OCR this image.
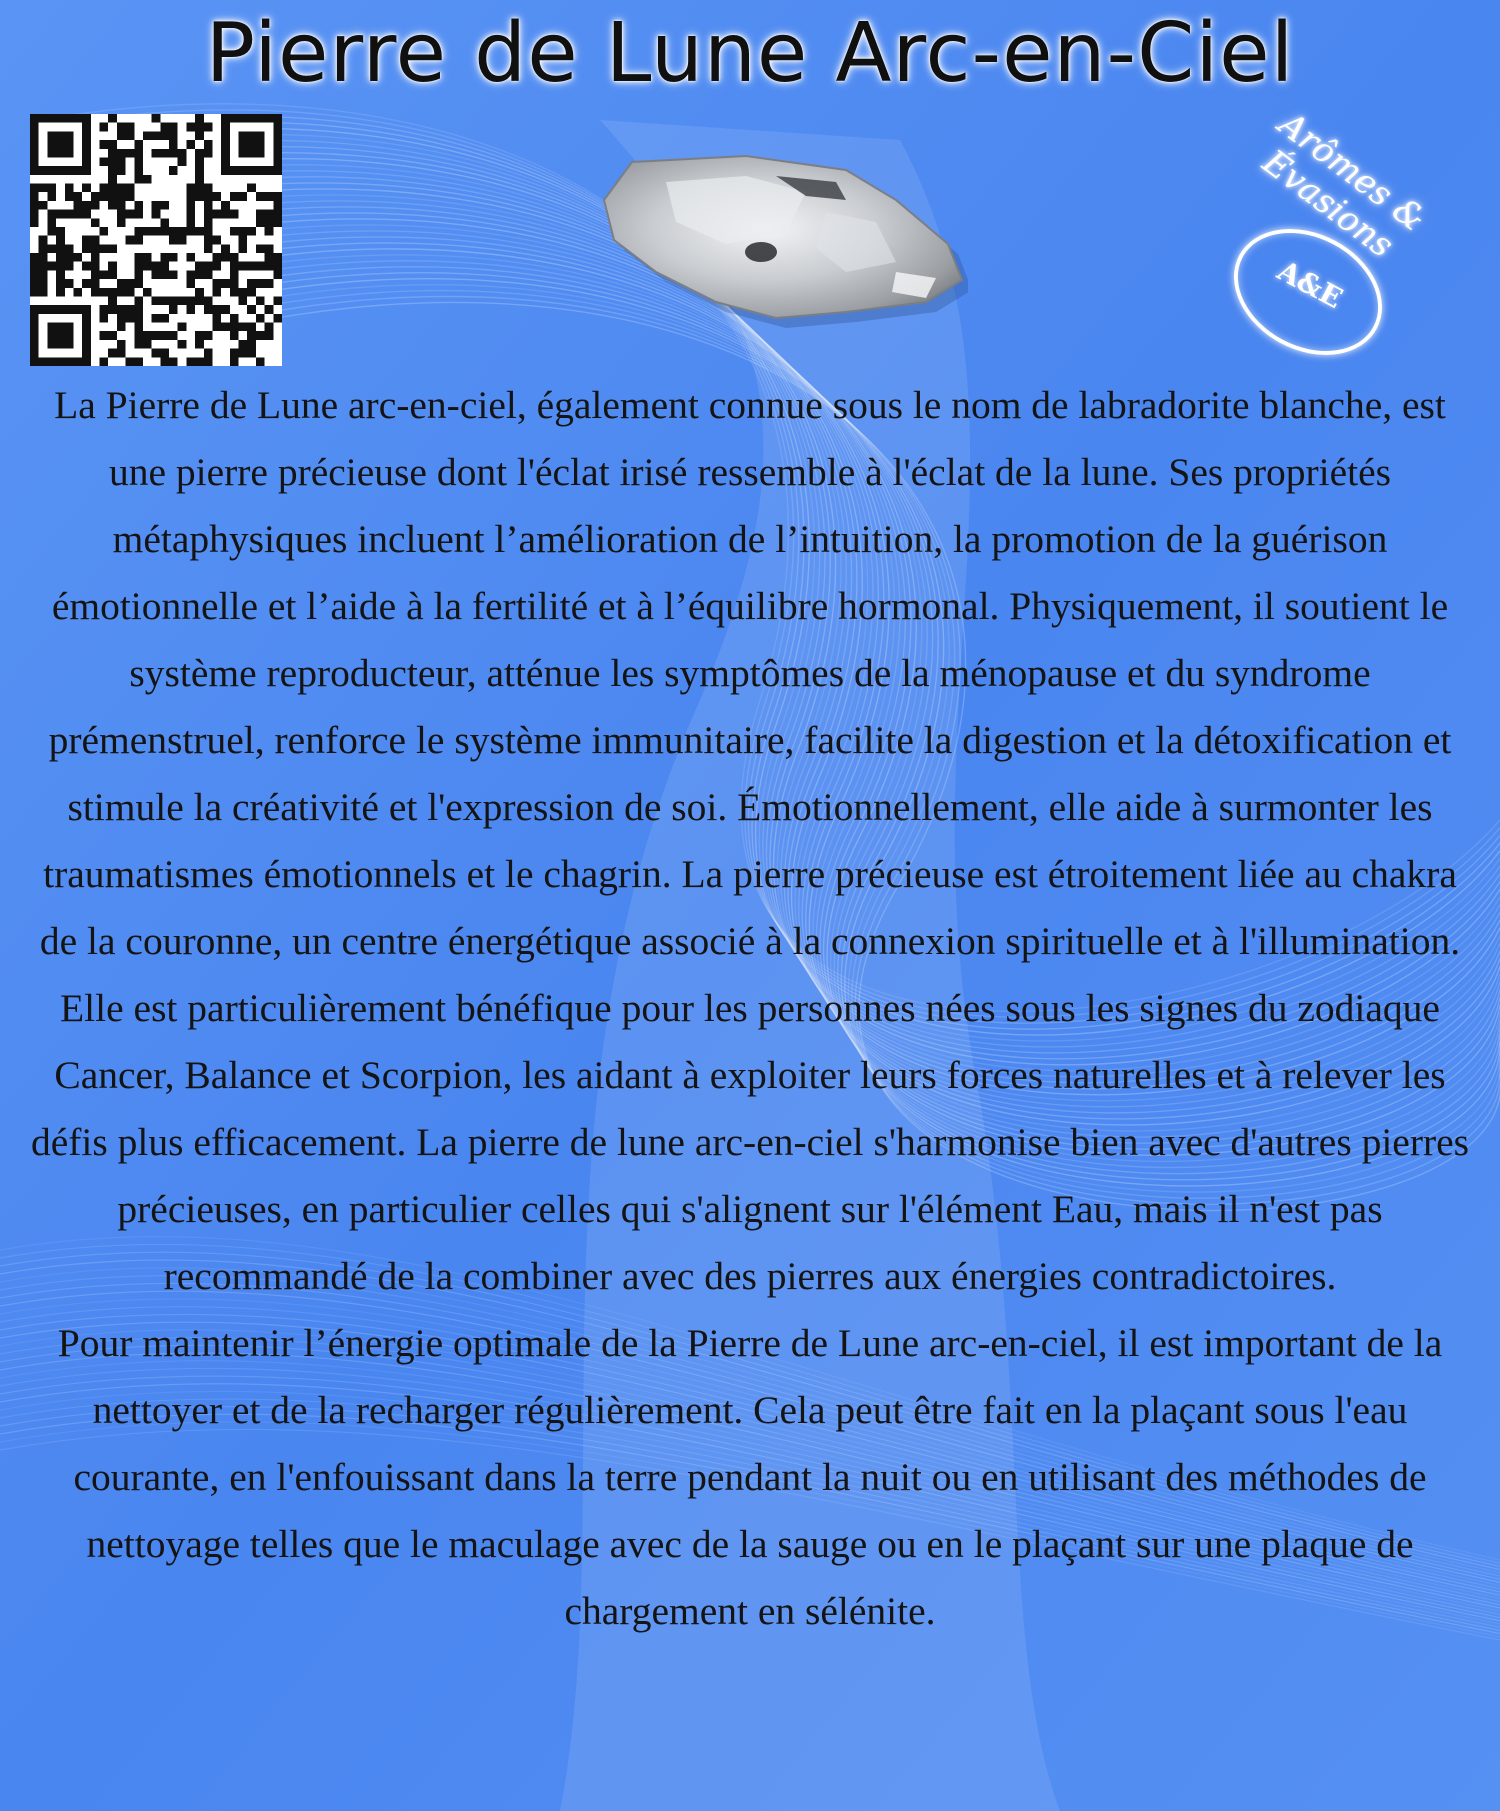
Pierre de Lune Arc-en-Ciel
Arômes & Évasions
A&E

La Pierre de Lune arc-en-ciel, également connue sous le nom de labradorite blanche, est une pierre précieuse dont l'éclat irisé ressemble à l'éclat de la lune. Ses propriétés métaphysiques incluent l’amélioration de l’intuition, la promotion de la guérison émotionnelle et l’aide à la fertilité et à l’équilibre hormonal. Physiquement, il soutient le système reproducteur, atténue les symptômes de la ménopause et du syndrome prémenstruel, renforce le système immunitaire, facilite la digestion et la détoxification et stimule la créativité et l'expression de soi. Émotionnellement, elle aide à surmonter les traumatismes émotionnels et le chagrin. La pierre précieuse est étroitement liée au chakra de la couronne, un centre énergétique associé à la connexion spirituelle et à l'illumination. Elle est particulièrement bénéfique pour les personnes nées sous les signes du zodiaque Cancer, Balance et Scorpion, les aidant à exploiter leurs forces naturelles et à relever les défis plus efficacement. La pierre de lune arc-en-ciel s'harmonise bien avec d'autres pierres précieuses, en particulier celles qui s'alignent sur l'élément Eau, mais il n'est pas recommandé de la combiner avec des pierres aux énergies contradictoires.

Pour maintenir l’énergie optimale de la Pierre de Lune arc-en-ciel, il est important de la nettoyer et de la recharger régulièrement. Cela peut être fait en la plaçant sous l'eau courante, en l'enfouissant dans la terre pendant la nuit ou en utilisant des méthodes de nettoyage telles que le maculage avec de la sauge ou en le plaçant sur une plaque de chargement en sélénite.
